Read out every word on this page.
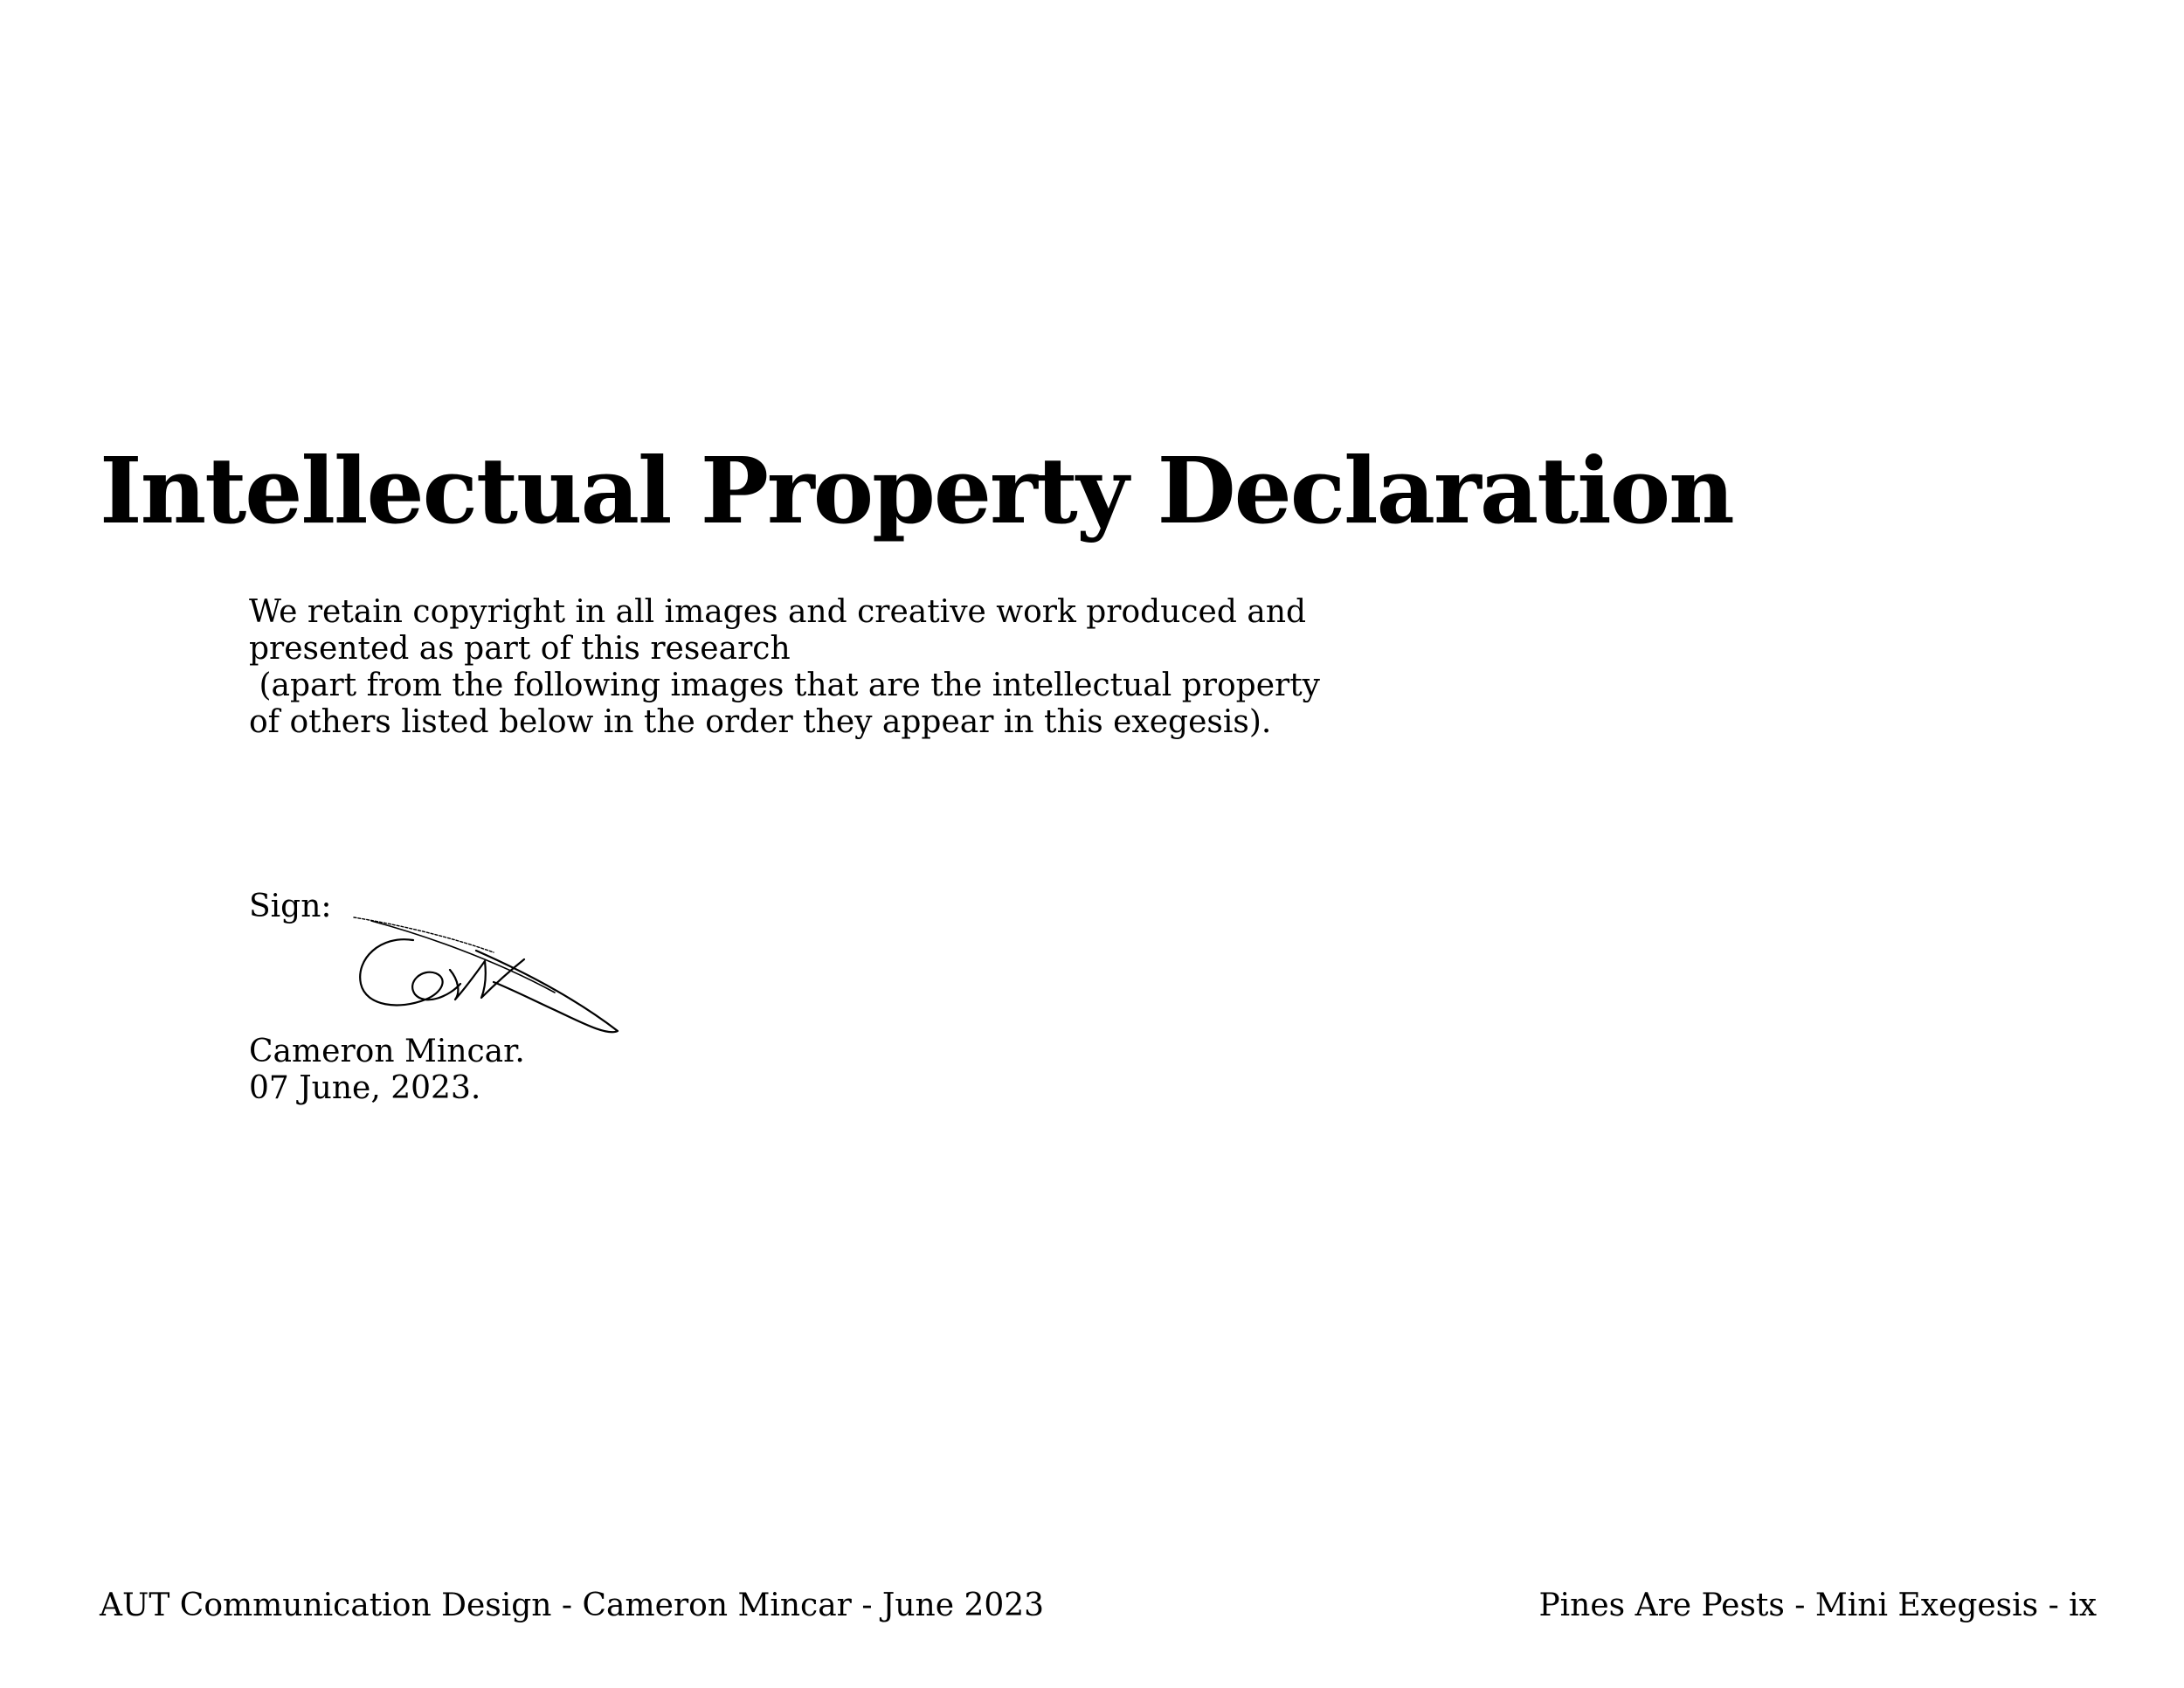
Intellectual Property Declaration
We retain copyright in all images and creative work produced and
presented as part of this research
(apart from the following images that are the intellectual property
of others listed below in the order they appear in this exegesis).
Sign:
Cameron Mincar.
07 June, 2023.
AUT Communication Design - Cameron Mincar - June 2023	Pines Are Pests - Mini Exegesis - ix
